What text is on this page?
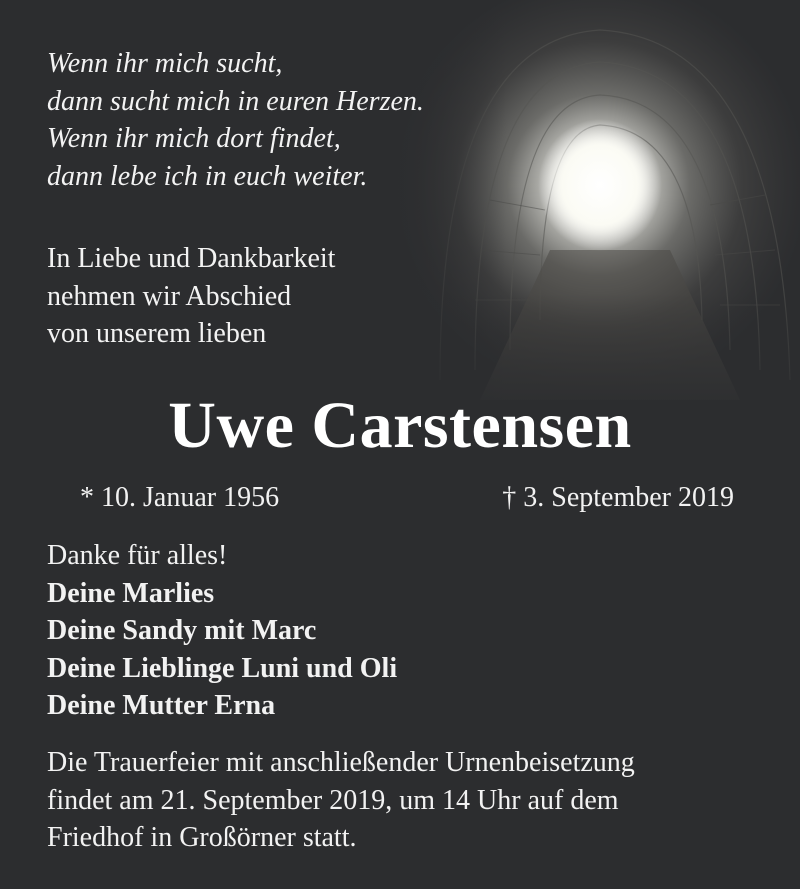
Wenn ihr mich sucht,
dann sucht mich in euren Herzen.
Wenn ihr mich dort findet,
dann lebe ich in euch weiter.

In Liebe und Dankbarkeit
nehmen wir Abschied
von unserem lieben

Uwe Carstensen
* 10. Januar 1956	† 3. September 2019

Danke für alles!
Deine Marlies
Deine Sandy mit Marc
Deine Lieblinge Luni und Oli
Deine Mutter Erna

Die Trauerfeier mit anschließender Urnenbeisetzung
findet am 21. September 2019, um 14 Uhr auf dem
Friedhof in Großörner statt.
